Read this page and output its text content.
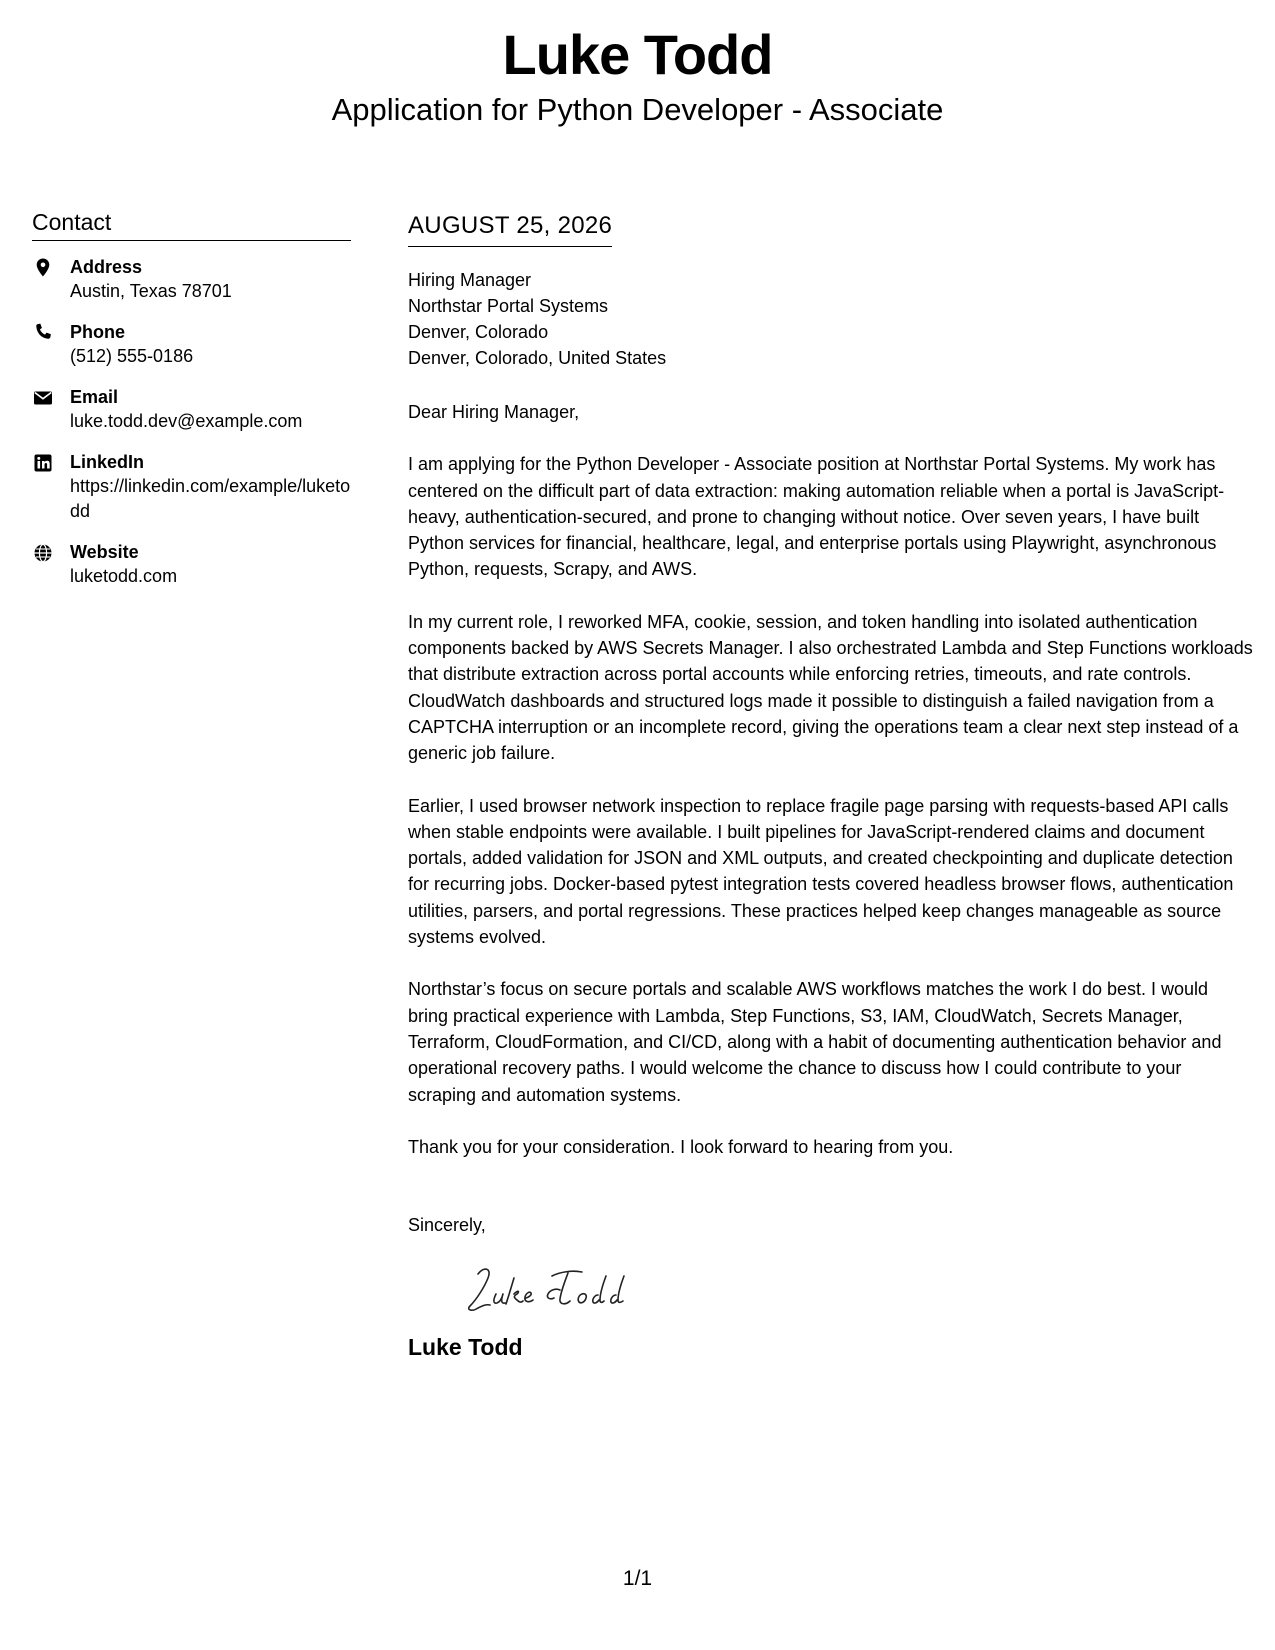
Luke Todd
Application for Python Developer - Associate
Contact
Address
Austin, Texas 78701
Phone
(512) 555-0186
Email
luke.todd.dev@example.com
LinkedIn
https://linkedin.com/example/luketodd
Website
luketodd.com
AUGUST 25, 2026
Hiring Manager
Northstar Portal Systems
Denver, Colorado
Denver, Colorado, United States
Dear Hiring Manager,
I am applying for the Python Developer - Associate position at Northstar Portal Systems. My work has centered on the difficult part of data extraction: making automation reliable when a portal is JavaScript-heavy, authentication-secured, and prone to changing without notice. Over seven years, I have built Python services for financial, healthcare, legal, and enterprise portals using Playwright, asynchronous Python, requests, Scrapy, and AWS.
In my current role, I reworked MFA, cookie, session, and token handling into isolated authentication components backed by AWS Secrets Manager. I also orchestrated Lambda and Step Functions workloads that distribute extraction across portal accounts while enforcing retries, timeouts, and rate controls. CloudWatch dashboards and structured logs made it possible to distinguish a failed navigation from a CAPTCHA interruption or an incomplete record, giving the operations team a clear next step instead of a generic job failure.
Earlier, I used browser network inspection to replace fragile page parsing with requests-based API calls when stable endpoints were available. I built pipelines for JavaScript-rendered claims and document portals, added validation for JSON and XML outputs, and created checkpointing and duplicate detection for recurring jobs. Docker-based pytest integration tests covered headless browser flows, authentication utilities, parsers, and portal regressions. These practices helped keep changes manageable as source systems evolved.
Northstar’s focus on secure portals and scalable AWS workflows matches the work I do best. I would bring practical experience with Lambda, Step Functions, S3, IAM, CloudWatch, Secrets Manager, Terraform, CloudFormation, and CI/CD, along with a habit of documenting authentication behavior and operational recovery paths. I would welcome the chance to discuss how I could contribute to your scraping and automation systems.
Thank you for your consideration. I look forward to hearing from you.
Sincerely,
Luke Todd
1/1
